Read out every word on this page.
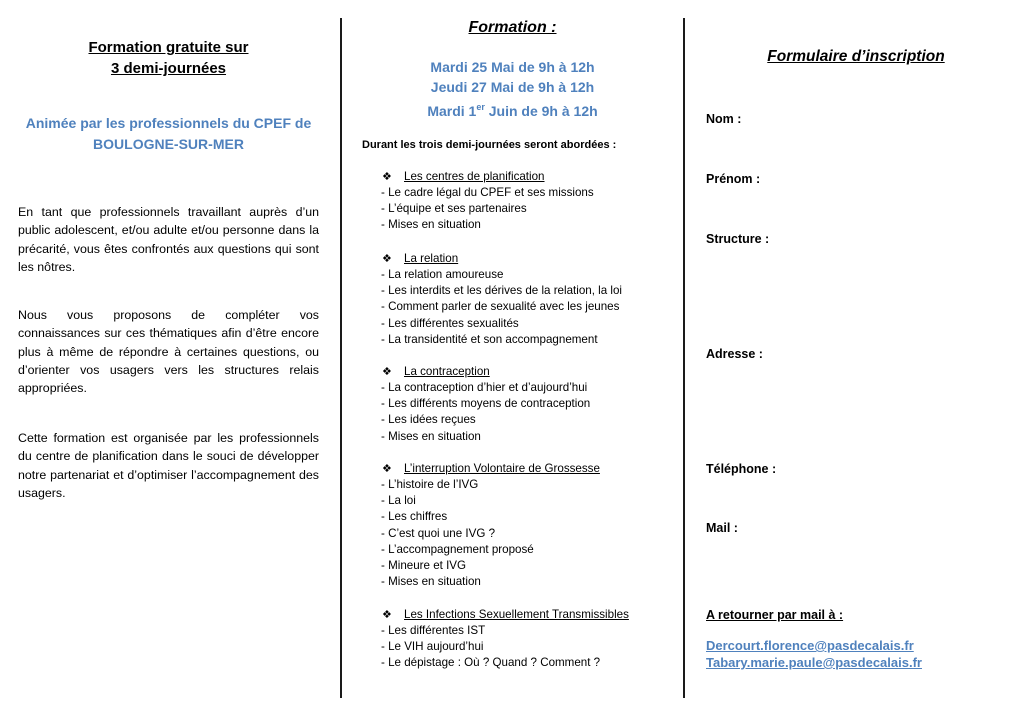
Formation gratuite sur
3 demi-journées
Animée par les professionnels du CPEF de
BOULOGNE-SUR-MER

En tant que professionnels travaillant auprès d’un public adolescent, et/ou adulte et/ou personne dans la précarité, vous êtes confrontés aux questions qui sont les nôtres.

Nous vous proposons de compléter vos connaissances sur ces thématiques afin d’être encore plus à même de répondre à certaines questions, ou d’orienter vos usagers vers les structures relais appropriées.

Cette formation est organisée par les professionnels du centre de planification dans le souci de développer notre partenariat et d’optimiser l’accompagnement des usagers.

Formation :
Mardi 25 Mai de 9h à 12h
Jeudi 27 Mai de 9h à 12h
Mardi 1er Juin de 9h à 12h
Durant les trois demi-journées seront abordées :
❖ Les centres de planification
- Le cadre légal du CPEF et ses missions
- L’équipe et ses partenaires
- Mises en situation
❖ La relation
- La relation amoureuse
- Les interdits et les dérives de la relation, la loi
- Comment parler de sexualité avec les jeunes
- Les différentes sexualités
- La transidentité et son accompagnement
❖ La contraception
- La contraception d’hier et d’aujourd’hui
- Les différents moyens de contraception
- Les idées reçues
- Mises en situation
❖ L’interruption Volontaire de Grossesse
- L’histoire de l’IVG
- La loi
- Les chiffres
- C’est quoi une IVG ?
- L’accompagnement proposé
- Mineure et IVG
- Mises en situation
❖ Les Infections Sexuellement Transmissibles
- Les différentes IST
- Le VIH aujourd’hui
- Le dépistage : Où ? Quand ? Comment ?
Formulaire d’inscription
Nom :
Prénom :
Structure :
Adresse :
Téléphone :
Mail :
A retourner par mail à :
Dercourt.florence@pasdecalais.fr
Tabary.marie.paule@pasdecalais.fr
